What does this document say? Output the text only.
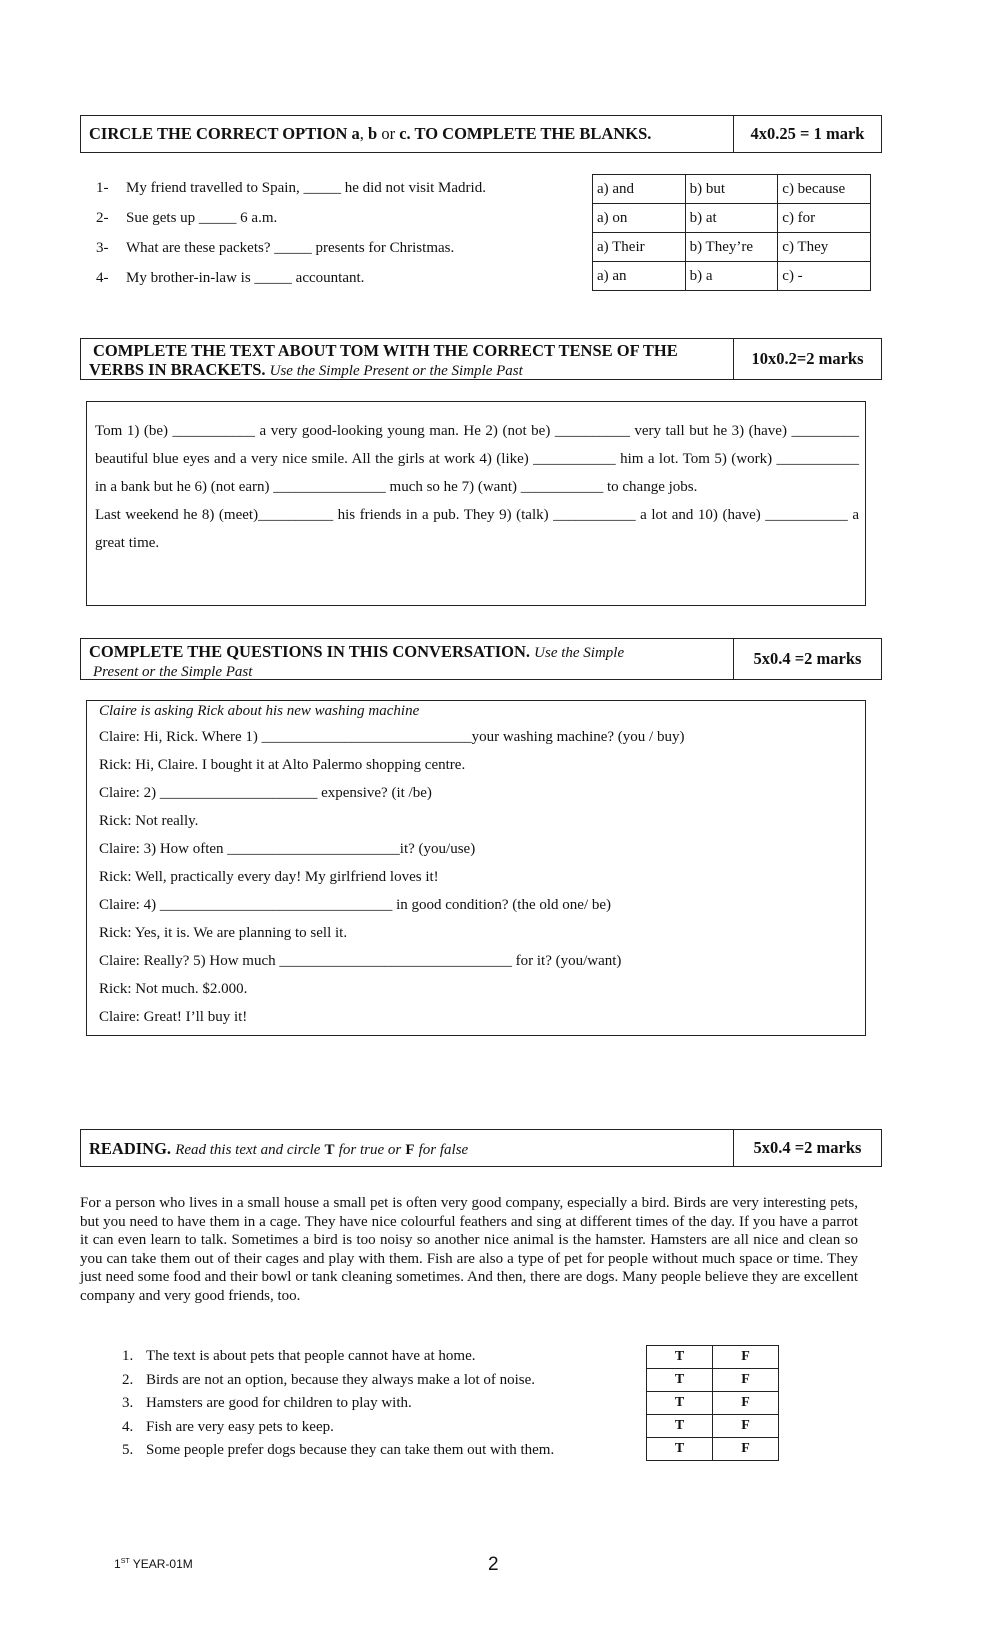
CIRCLE THE CORRECT OPTION a, b or c. TO COMPLETE THE BLANKS.	4x0.25 = 1 mark
1- My friend travelled to Spain, _____ he did not visit Madrid.
2- Sue gets up _____ 6 a.m.
3- What are these packets? _____ presents for Christmas.
4- My brother-in-law is _____ accountant.
a) and	b) but	c) because
a) on	b) at	c) for
a) Their	b) They’re	c) They
a) an	b) a	c) -
COMPLETE THE TEXT ABOUT TOM WITH THE CORRECT TENSE OF THE
VERBS IN BRACKETS. Use the Simple Present or the Simple Past
10x0.2=2 marks
Tom 1) (be) ___________ a very good-looking young man. He 2) (not be) __________ very tall but he 3) (have) _________ beautiful blue eyes and a very nice smile. All the girls at work 4) (like) ___________ him a lot. Tom 5) (work) ___________ in a bank but he 6) (not earn) _______________ much so he 7) (want) ___________ to change jobs.
Last weekend he 8) (meet)__________ his friends in a pub. They 9) (talk) ___________ a lot and 10) (have) ___________ a great time.
COMPLETE THE QUESTIONS IN THIS CONVERSATION. Use the Simple
Present or the Simple Past
5x0.4 =2 marks
Claire is asking Rick about his new washing machine
Claire: Hi, Rick. Where 1) ____________________________your washing machine? (you / buy)
Rick: Hi, Claire. I bought it at Alto Palermo shopping centre.
Claire: 2) _____________________ expensive? (it /be)
Rick: Not really.
Claire: 3) How often _______________________it? (you/use)
Rick: Well, practically every day! My girlfriend loves it!
Claire: 4) _______________________________ in good condition? (the old one/ be)
Rick: Yes, it is. We are planning to sell it.
Claire: Really? 5) How much _______________________________ for it? (you/want)
Rick: Not much. $2.000.
Claire: Great! I’ll buy it!
READING. Read this text and circle T for true or F for false	5x0.4 =2 marks
For a person who lives in a small house a small pet is often very good company, especially a bird. Birds are very interesting pets, but you need to have them in a cage. They have nice colourful feathers and sing at different times of the day. If you have a parrot it can even learn to talk. Sometimes a bird is too noisy so another nice animal is the hamster. Hamsters are all nice and clean so you can take them out of their cages and play with them. Fish are also a type of pet for people without much space or time. They just need some food and their bowl or tank cleaning sometimes. And then, there are dogs. Many people believe they are excellent company and very good friends, too.
1. The text is about pets that people cannot have at home.
2. Birds are not an option, because they always make a lot of noise.
3. Hamsters are good for children to play with.
4. Fish are very easy pets to keep.
5. Some people prefer dogs because they can take them out with them.
T	F
T	F
T	F
T	F
T	F
1ST YEAR-01M	2
